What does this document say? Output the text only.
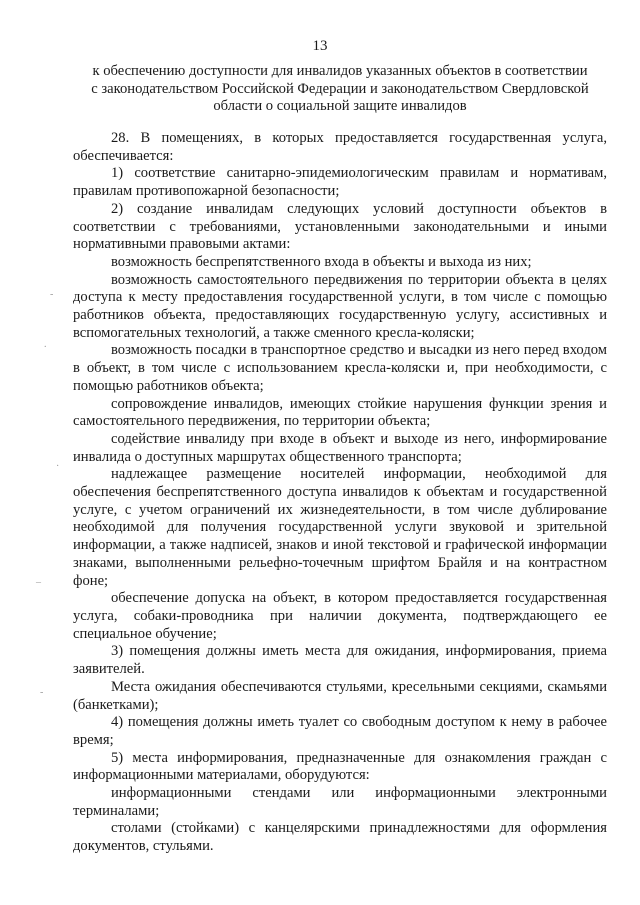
13
к обеспечению доступности для инвалидов указанных объектов в соответствии
с законодательством Российской Федерации и законодательством Свердловской
области о социальной защите инвалидов

28. В помещениях, в которых предоставляется государственная услуга, обеспечивается:

1) соответствие санитарно-эпидемиологическим правилам и нормативам, правилам противопожарной безопасности;

2) создание инвалидам следующих условий доступности объектов в соответствии с требованиями, установленными законодательными и иными нормативными правовыми актами:

возможность беспрепятственного входа в объекты и выхода из них;

возможность самостоятельного передвижения по территории объекта в целях доступа к месту предоставления государственной услуги, в том числе с помощью работников объекта, предоставляющих государственную услугу, ассистивных и вспомогательных технологий, а также сменного кресла-коляски;

возможность посадки в транспортное средство и высадки из него перед входом в объект, в том числе с использованием кресла-коляски и, при необходимости, с помощью работников объекта;

сопровождение инвалидов, имеющих стойкие нарушения функции зрения и самостоятельного передвижения, по территории объекта;

содействие инвалиду при входе в объект и выходе из него, информирование инвалида о доступных маршрутах общественного транспорта;

надлежащее размещение носителей информации, необходимой для обеспечения беспрепятственного доступа инвалидов к объектам и государственной услуге, с учетом ограничений их жизнедеятельности, в том числе дублирование необходимой для получения государственной услуги звуковой и зрительной информации, а также надписей, знаков и иной текстовой и графической информации знаками, выполненными рельефно-точечным шрифтом Брайля и на контрастном фоне;

обеспечение допуска на объект, в котором предоставляется государственная услуга, собаки-проводника при наличии документа, подтверждающего ее специальное обучение;

3) помещения должны иметь места для ожидания, информирования, приема заявителей.

Места ожидания обеспечиваются стульями, кресельными секциями, скамьями (банкетками);

4) помещения должны иметь туалет со свободным доступом к нему в рабочее время;

5) места информирования, предназначенные для ознакомления граждан с информационными материалами, оборудуются:

информационными стендами или информационными электронными терминалами;

столами (стойками) с канцелярскими принадлежностями для оформления документов, стульями.

-
.
·
_
-
